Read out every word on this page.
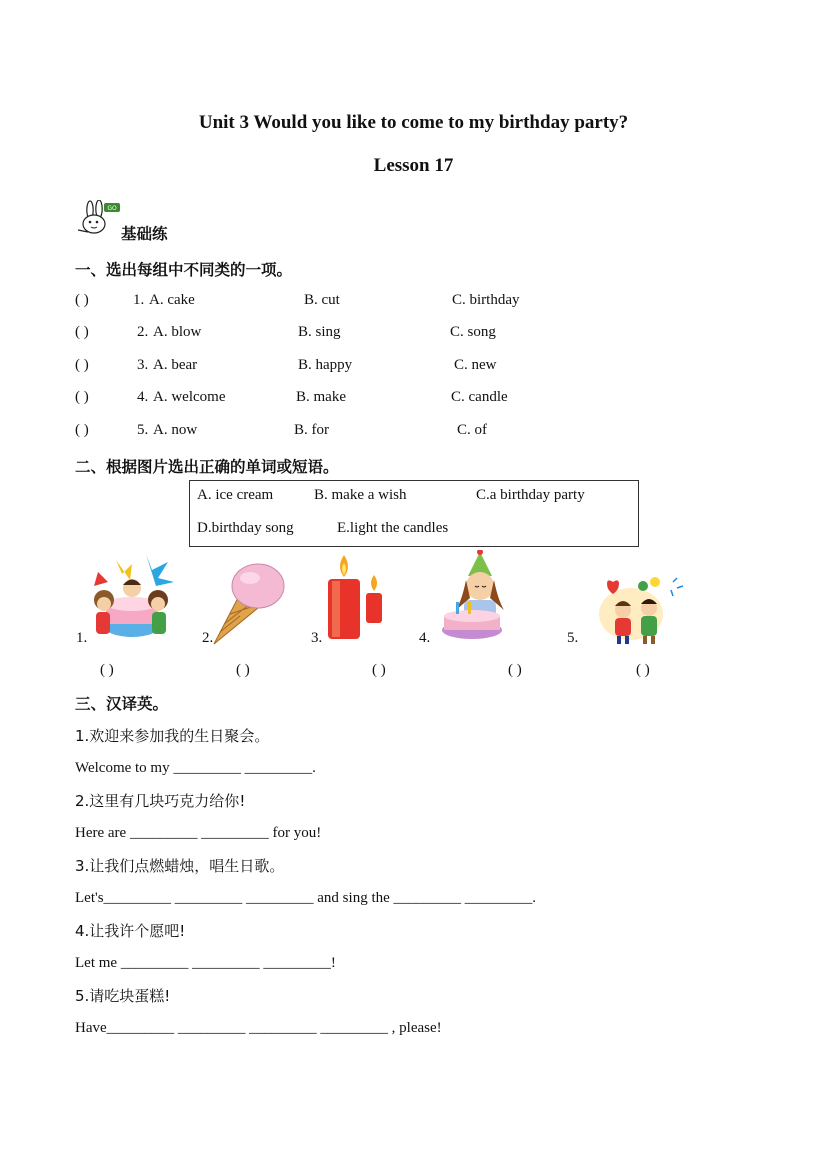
Unit 3 Would you like to come to my birthday party?
Lesson 17
GO
基础练
一、选出每组中不同类的一项。
( )	1. A. cake	B. cut	C. birthday
( )	2. A. blow	B. sing	C. song
( )	3. A. bear	B. happy	C. new
( )	4. A. welcome	B. make	C. candle
( )	5. A. now	B. for	C. of
二、根据图片选出正确的单词或短语。
A. ice cream	B. make a wish	C.a birthday party
D.birthday song	E.light the candles
1.
( )
2.
( )
3.
( )
4.
( )
5.
( )
三、汉译英。
1.欢迎来参加我的生日聚会。
Welcome to my _________ _________.
2.这里有几块巧克力给你!
Here are _________ _________ for you!
3.让我们点燃蜡烛，唱生日歌。
Let's_________ _________ _________ and sing the _________ _________.
4.让我许个愿吧!
Let me _________ _________ _________!
5.请吃块蛋糕!
Have_________ _________ _________ _________ , please!
